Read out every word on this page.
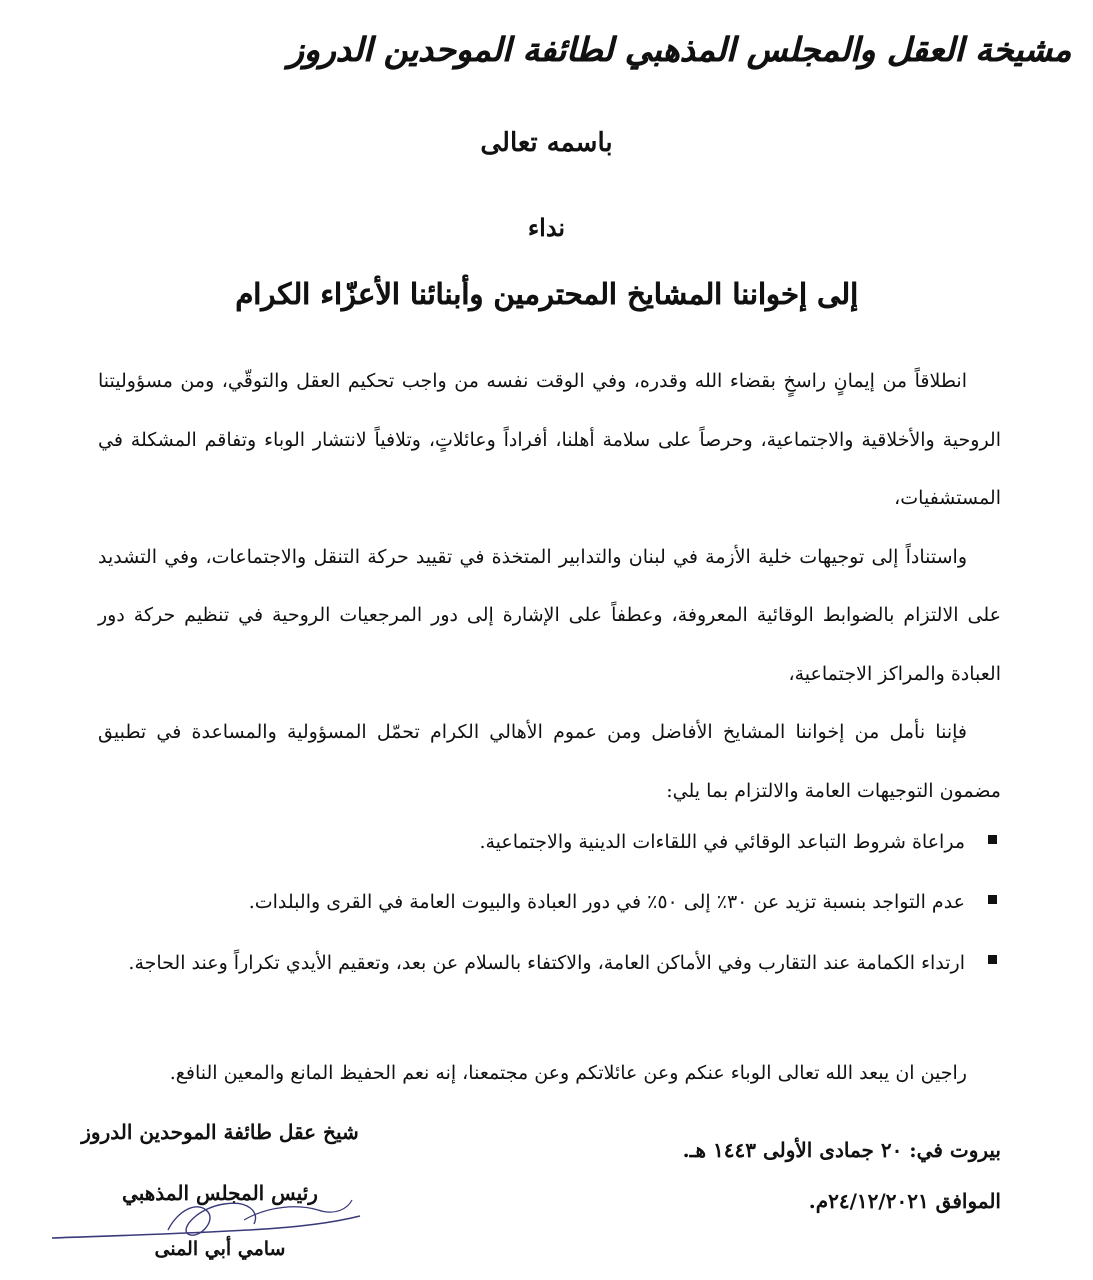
مشيخة العقل والمجلس المذهبي لطائفة الموحدين الدروز
باسمه تعالى
نداء
إلى إخواننا المشايخ المحترمين وأبنائنا الأعزّاء الكرام

انطلاقاً من إيمانٍ راسخٍ بقضاء الله وقدره، وفي الوقت نفسه من واجب تحكيم العقل والتوقّي، ومن مسؤوليتنا الروحية والأخلاقية والاجتماعية، وحرصاً على سلامة أهلنا، أفراداً وعائلاتٍ، وتلافياً لانتشار الوباء وتفاقم المشكلة في المستشفيات،

واستناداً إلى توجيهات خلية الأزمة في لبنان والتدابير المتخذة في تقييد حركة التنقل والاجتماعات، وفي التشديد على الالتزام بالضوابط الوقائية المعروفة، وعطفاً على الإشارة إلى دور المرجعيات الروحية في تنظيم حركة دور العبادة والمراكز الاجتماعية،

فإننا نأمل من إخواننا المشايخ الأفاضل ومن عموم الأهالي الكرام تحمّل المسؤولية والمساعدة في تطبيق مضمون التوجيهات العامة والالتزام بما يلي:

مراعاة شروط التباعد الوقائي في اللقاءات الدينية والاجتماعية.
عدم التواجد بنسبة تزيد عن ٣٠٪ إلى ٥٠٪ في دور العبادة والبيوت العامة في القرى والبلدات.
ارتداء الكمامة عند التقارب وفي الأماكن العامة، والاكتفاء بالسلام عن بعد، وتعقيم الأيدي تكراراً وعند الحاجة.
راجين ان يبعد الله تعالى الوباء عنكم وعن عائلاتكم وعن مجتمعنا، إنه نعم الحفيظ المانع والمعين النافع.
شيخ عقل طائفة الموحدين الدروز
رئيس المجلس المذهبي
سامي أبي المنى
بيروت في: ٢٠ جمادى الأولى ١٤٤٣ هـ.
الموافق ٢٤/١٢/٢٠٢١م.
